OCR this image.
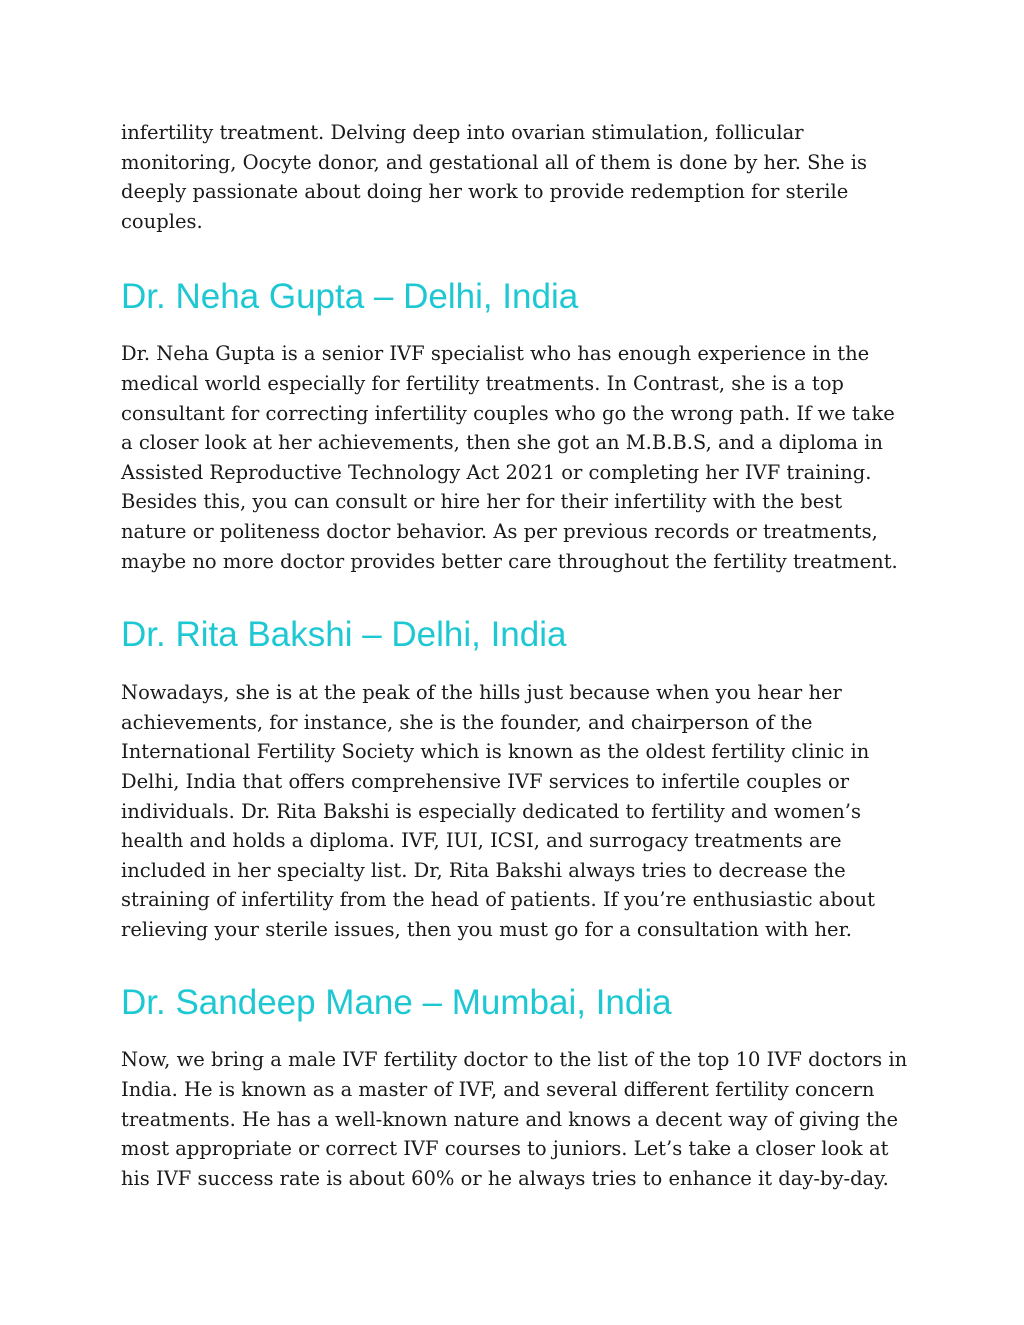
infertility treatment. Delving deep into ovarian stimulation, follicular monitoring, Oocyte donor, and gestational all of them is done by her. She is deeply passionate about doing her work to provide redemption for sterile couples.

Dr. Neha Gupta – Delhi, India

Dr. Neha Gupta is a senior IVF specialist who has enough experience in the medical world especially for fertility treatments. In Contrast, she is a top consultant for correcting infertility couples who go the wrong path. If we take a closer look at her achievements, then she got an M.B.B.S, and a diploma in Assisted Reproductive Technology Act 2021 or completing her IVF training. Besides this, you can consult or hire her for their infertility with the best nature or politeness doctor behavior. As per previous records or treatments, maybe no more doctor provides better care throughout the fertility treatment.

Dr. Rita Bakshi – Delhi, India

Nowadays, she is at the peak of the hills just because when you hear her achievements, for instance, she is the founder, and chairperson of the International Fertility Society which is known as the oldest fertility clinic in Delhi, India that offers comprehensive IVF services to infertile couples or individuals. Dr. Rita Bakshi is especially dedicated to fertility and women’s health and holds a diploma. IVF, IUI, ICSI, and surrogacy treatments are included in her specialty list. Dr, Rita Bakshi always tries to decrease the straining of infertility from the head of patients. If you’re enthusiastic about relieving your sterile issues, then you must go for a consultation with her.

Dr. Sandeep Mane – Mumbai, India

Now, we bring a male IVF fertility doctor to the list of the top 10 IVF doctors in India. He is known as a master of IVF, and several different fertility concern treatments. He has a well-known nature and knows a decent way of giving the most appropriate or correct IVF courses to juniors. Let’s take a closer look at his IVF success rate is about 60% or he always tries to enhance it day-by-day.
